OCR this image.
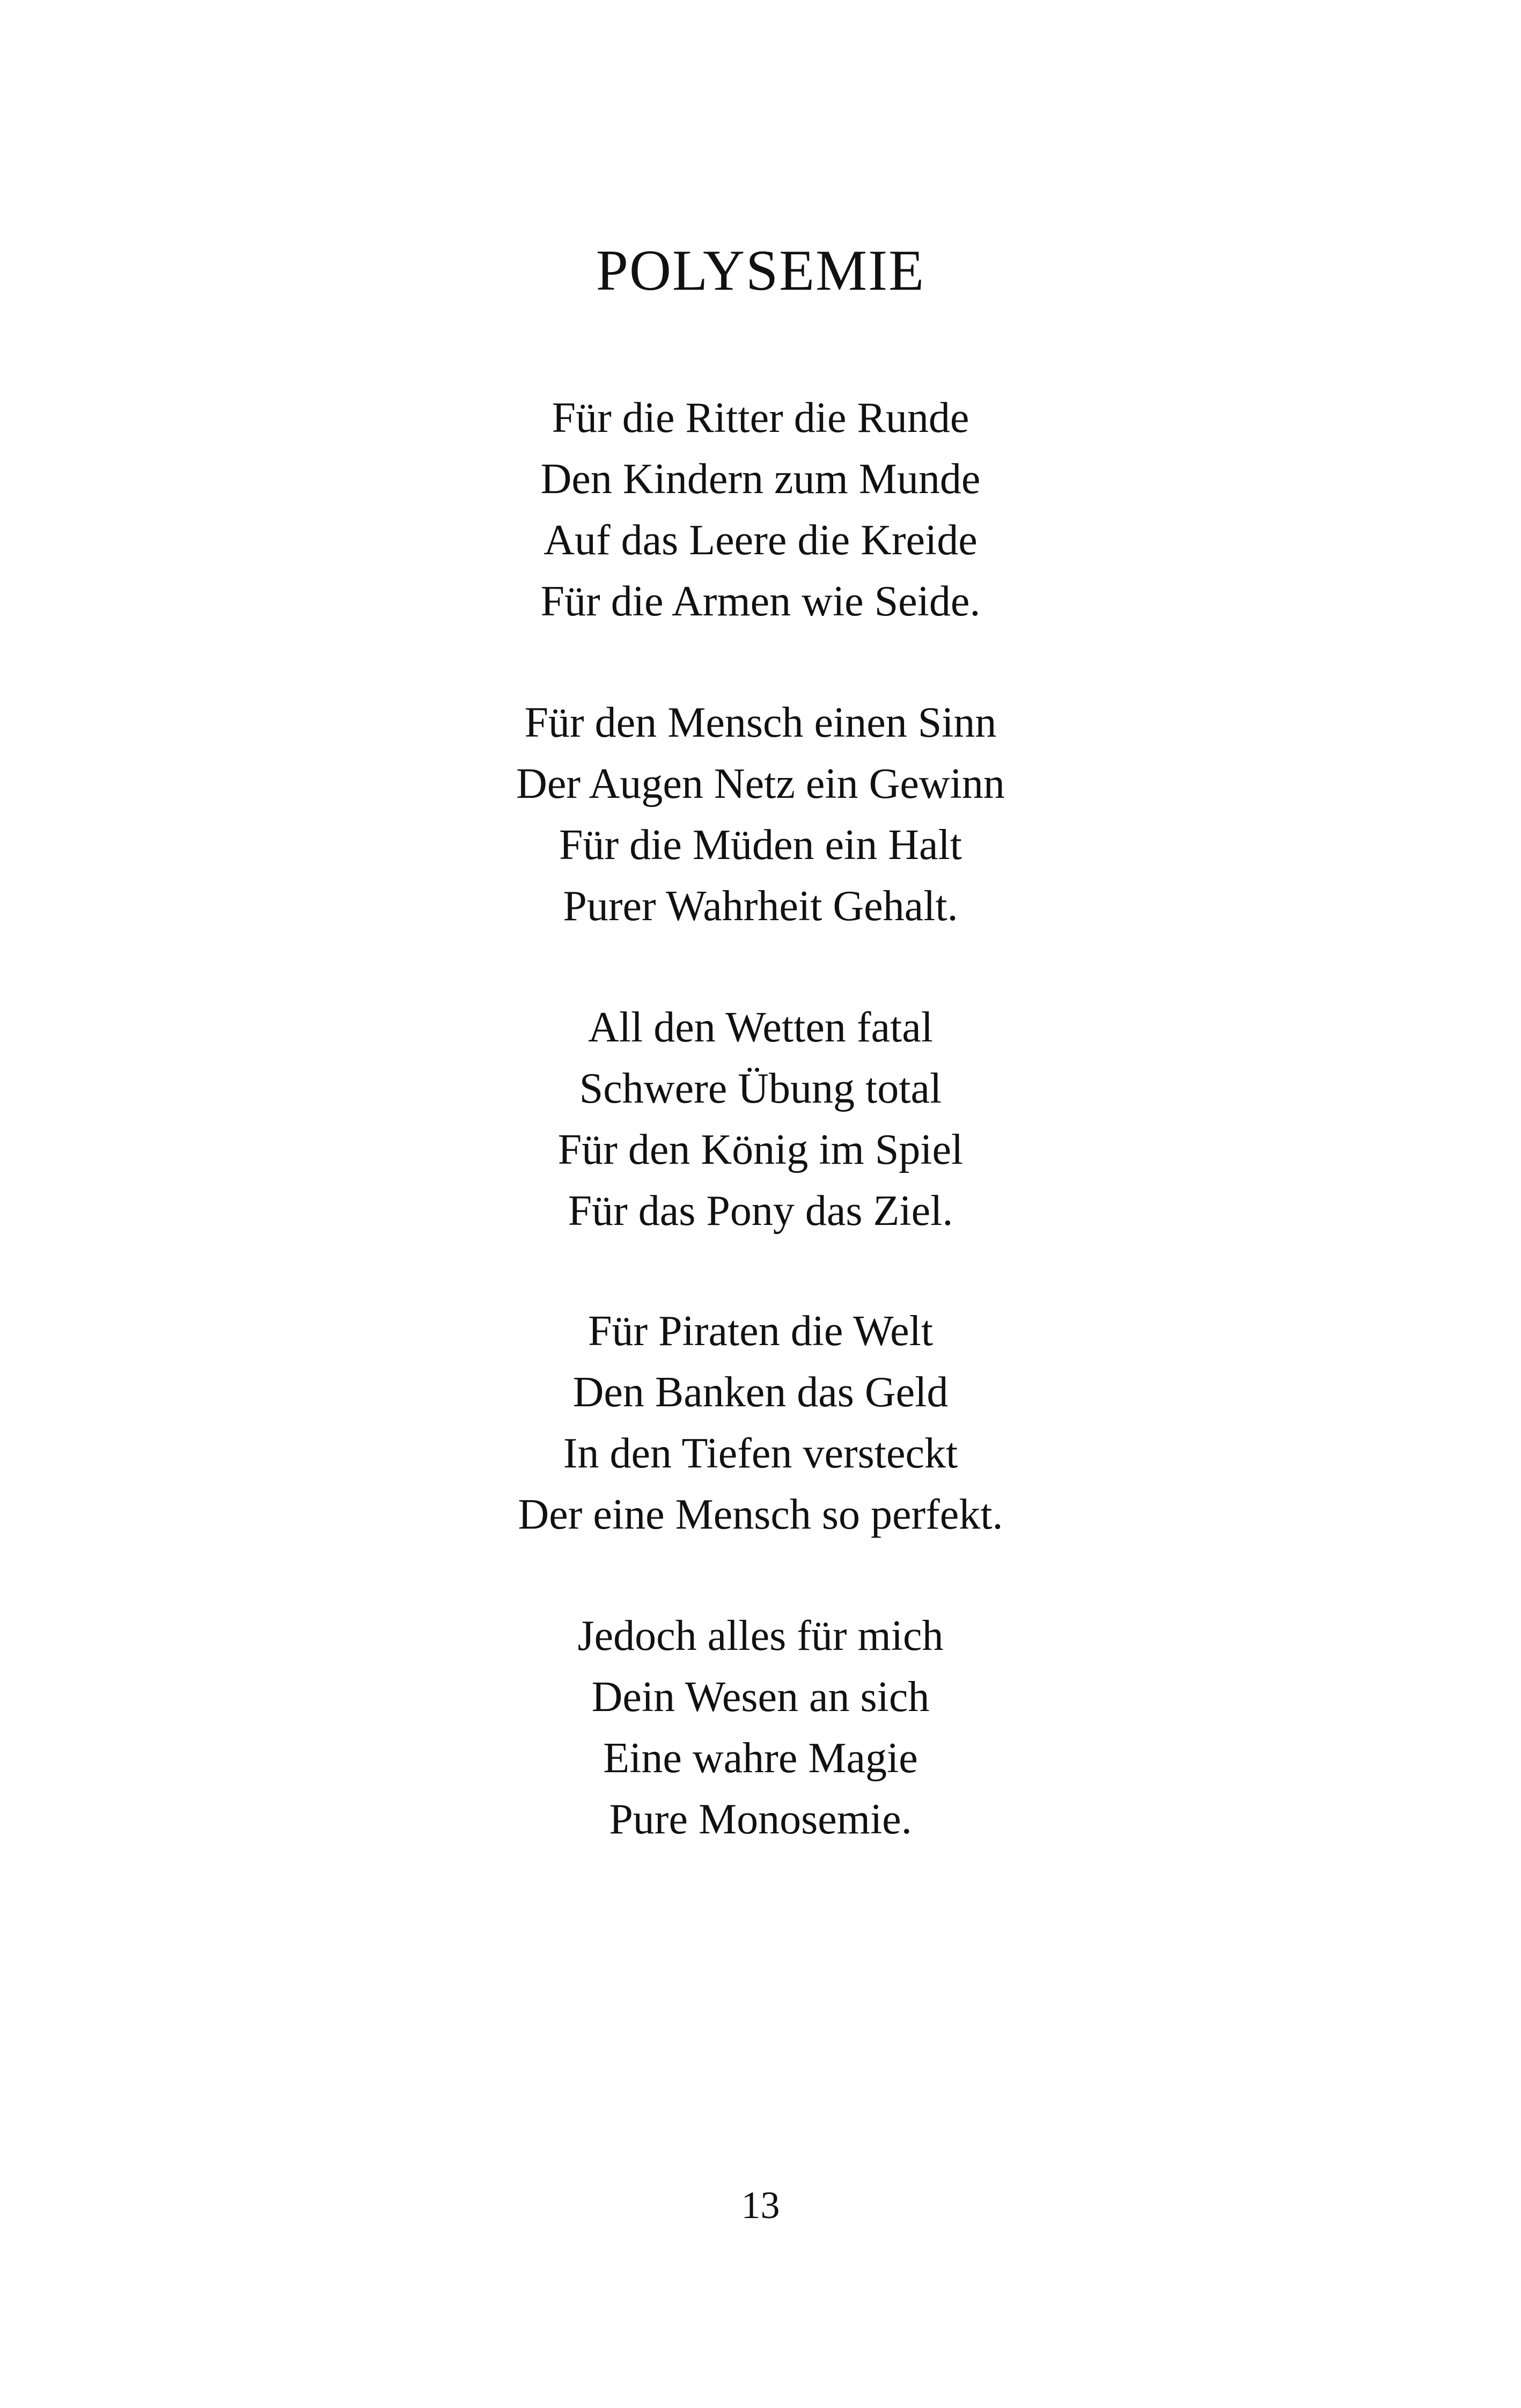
POLYSEMIE
Für die Ritter die Runde
Den Kindern zum Munde
Auf das Leere die Kreide
Für die Armen wie Seide.
Für den Mensch einen Sinn
Der Augen Netz ein Gewinn
Für die Müden ein Halt
Purer Wahrheit Gehalt.
All den Wetten fatal
Schwere Übung total
Für den König im Spiel
Für das Pony das Ziel.
Für Piraten die Welt
Den Banken das Geld
In den Tiefen versteckt
Der eine Mensch so perfekt.
Jedoch alles für mich
Dein Wesen an sich
Eine wahre Magie
Pure Monosemie.
13
